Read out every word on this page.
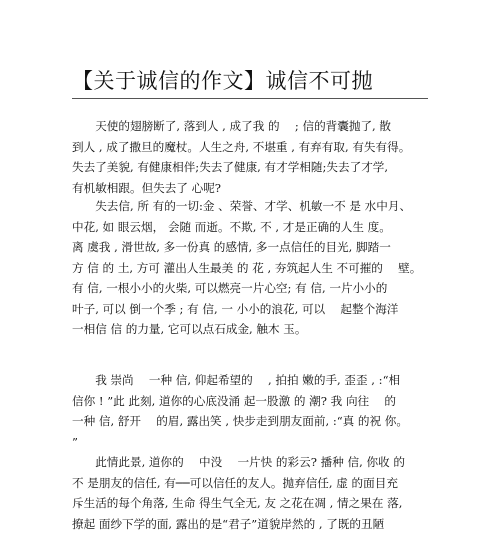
【关于诚信的作文】诚信不可抛
　　天使的翅膀断了, 落到人 , 成了我 的 　; 信的背囊抛了, 散
到人 , 成了撒旦的魔杖。人生之舟, 不堪重 , 有弃有取, 有失有得。
失去了美貌, 有健康相伴;失去了健康, 有才学相随;失去了才学,
有机敏相跟。但失去了 心呢?
　　失去信, 所 有的一切:金 、荣誉、才学、机敏一不 是 水中月、
中花, 如 眼云烟， 会随 而逝。不欺, 不 , 才是正确的人生 度。
离 虞我 , 滑世故, 多一份真 的感情, 多一点信任的目光, 脚踏一
方 信 的 土, 方可 灌出人生最美 的 花 , 夯筑起人生 不可摧的 　壁。
有 信, 一根小小的火柴, 可以燃亮一片心空; 有 信, 一片小小的
叶子, 可以 倒一个季 ; 有 信, 一 小小的浪花, 可以 　起整个海洋
一相信 信 的力量, 它可以点石成金, 触木 玉。
　　我 崇尚 　一种 信, 仰起希望的 　, 拍拍 嫩的手, 歪歪 , :“相
信你 ! ”此 此刻, 道你的心底没涌 起一股激 的 潮? 我 向往 　的
一种 信, 舒开 　的眉, 露出笑 , 快步走到朋友面前, :“真 的祝 你。
”
　　此情此景, 道你的 　中没 　一片快 的彩云? 播种 信, 你收 的
不 是朋友的信任, 有──可以信任的友人。抛弃信任, 虚 的面目充
斥生活的每个角落, 生命 得生气全无, 友 之花在凋 , 情之果在 落,
撩起 面纱下学的面, 露出的是“君子”道貌岸然的 , 了既的丑陋
